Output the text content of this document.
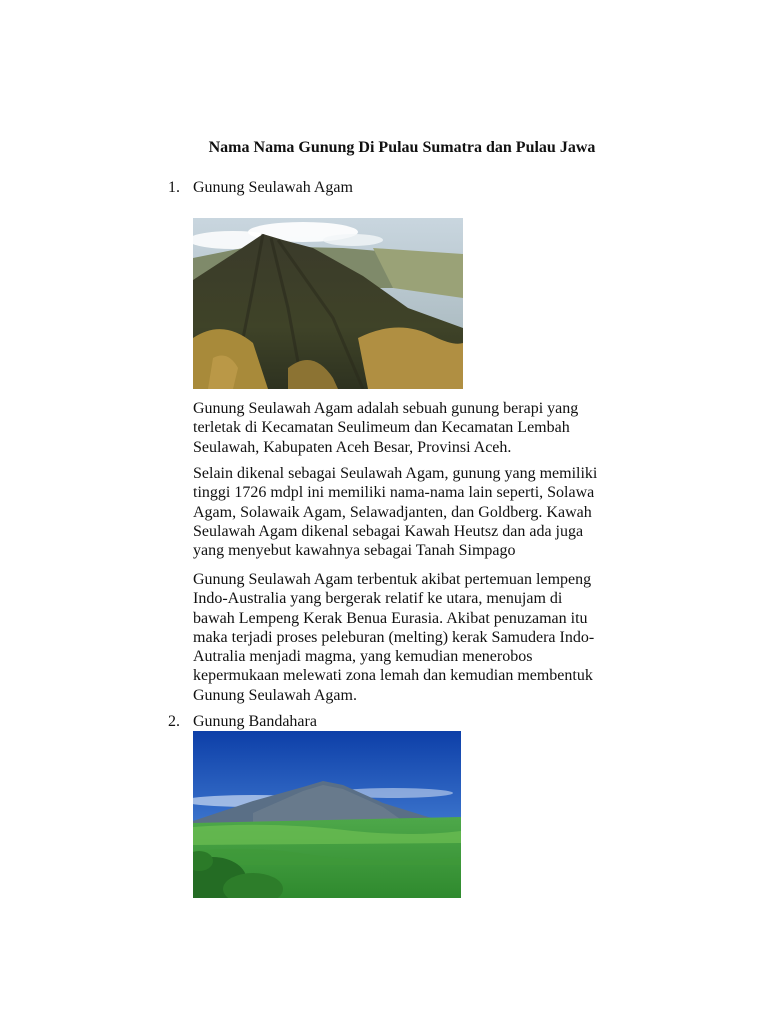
Nama Nama Gunung Di Pulau Sumatra dan Pulau Jawa
1. Gunung Seulawah Agam

Gunung Seulawah Agam adalah sebuah gunung berapi yang
terletak di Kecamatan Seulimeum dan Kecamatan Lembah
Seulawah, Kabupaten Aceh Besar, Provinsi Aceh.

Selain dikenal sebagai Seulawah Agam, gunung yang memiliki
tinggi 1726 mdpl ini memiliki nama-nama lain seperti, Solawa
Agam, Solawaik Agam, Selawadjanten, dan Goldberg. Kawah
Seulawah Agam dikenal sebagai Kawah Heutsz dan ada juga
yang menyebut kawahnya sebagai Tanah Simpago

Gunung Seulawah Agam terbentuk akibat pertemuan lempeng
Indo-Australia yang bergerak relatif ke utara, menujam di
bawah Lempeng Kerak Benua Eurasia. Akibat penuzaman itu
maka terjadi proses peleburan (melting) kerak Samudera Indo-
Autralia menjadi magma, yang kemudian menerobos
kepermukaan melewati zona lemah dan kemudian membentuk
Gunung Seulawah Agam.

2. Gunung Bandahara
